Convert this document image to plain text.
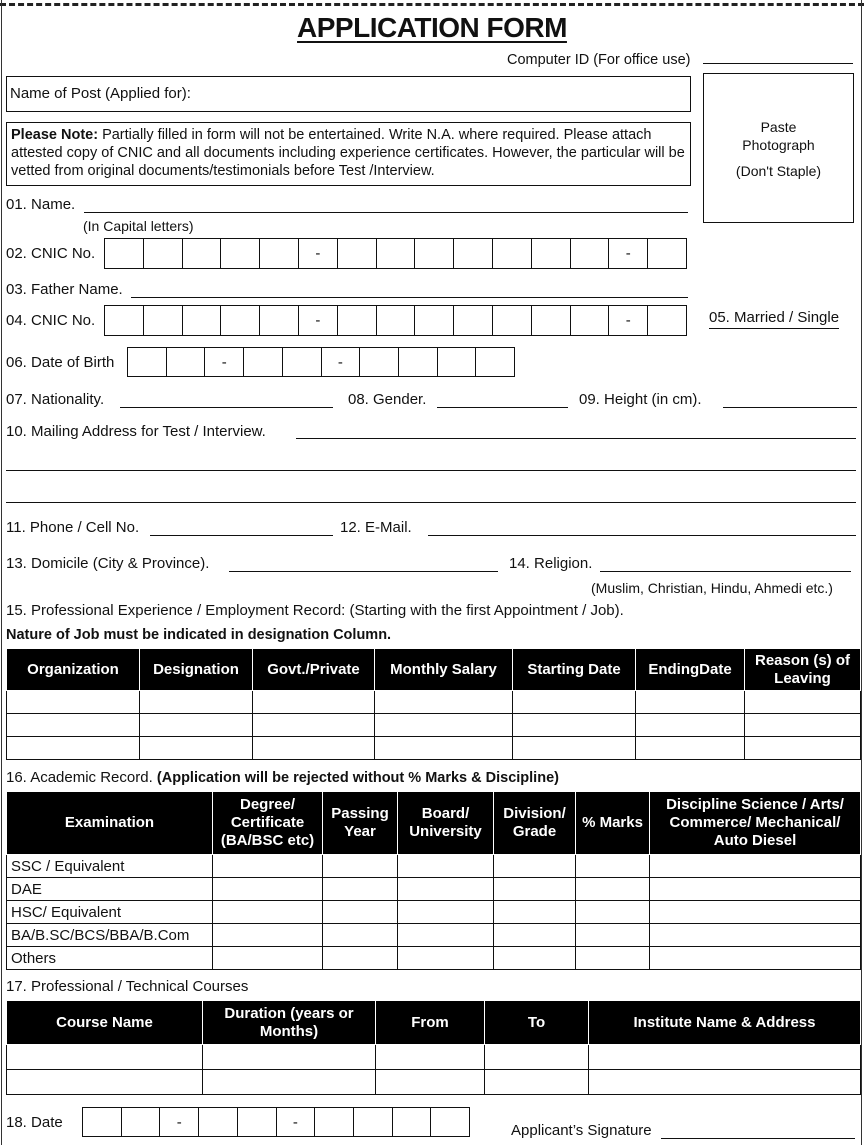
APPLICATION FORM
Computer ID (For office use)
Name of Post (Applied for):
Please Note: Partially filled in form will not be entertained. Write N.A. where required. Please attach attested copy of CNIC and all documents including experience certificates. However, the particular will be vetted from original documents/testimonials before Test /Interview.
Paste
Photograph
(Don't Staple)
01. Name.
(In Capital letters)
02. CNIC No.	-	-
03. Father Name.
04. CNIC No.	-	-	05. Married / Single
06. Date of Birth	-	-
07. Nationality.	08. Gender.	09. Height (in cm).
10. Mailing Address for Test / Interview.
11. Phone / Cell No.	12. E-Mail.
13. Domicile (City & Province).	14. Religion.
(Muslim, Christian, Hindu, Ahmedi etc.)
15. Professional Experience / Employment Record: (Starting with the first Appointment / Job).
Nature of Job must be indicated in designation Column.
Organization	Designation	Govt./Private	Monthly Salary	Starting Date	EndingDate	Reason (s) of Leaving

16. Academic Record. (Application will be rejected without % Marks & Discipline)
Examination	Degree/ Certificate (BA/BSC etc)	Passing Year	Board/ University	Division/ Grade	% Marks	Discipline Science / Arts/ Commerce/ Mechanical/ Auto Diesel
SSC / Equivalent						
DAE						
HSC/ Equivalent						
BA/B.SC/BCS/BBA/B.Com						
Others						
17. Professional / Technical Courses
Course Name	Duration (years or Months)	From	To	Institute Name & Address

18. Date	-	-	Applicant’s Signature
